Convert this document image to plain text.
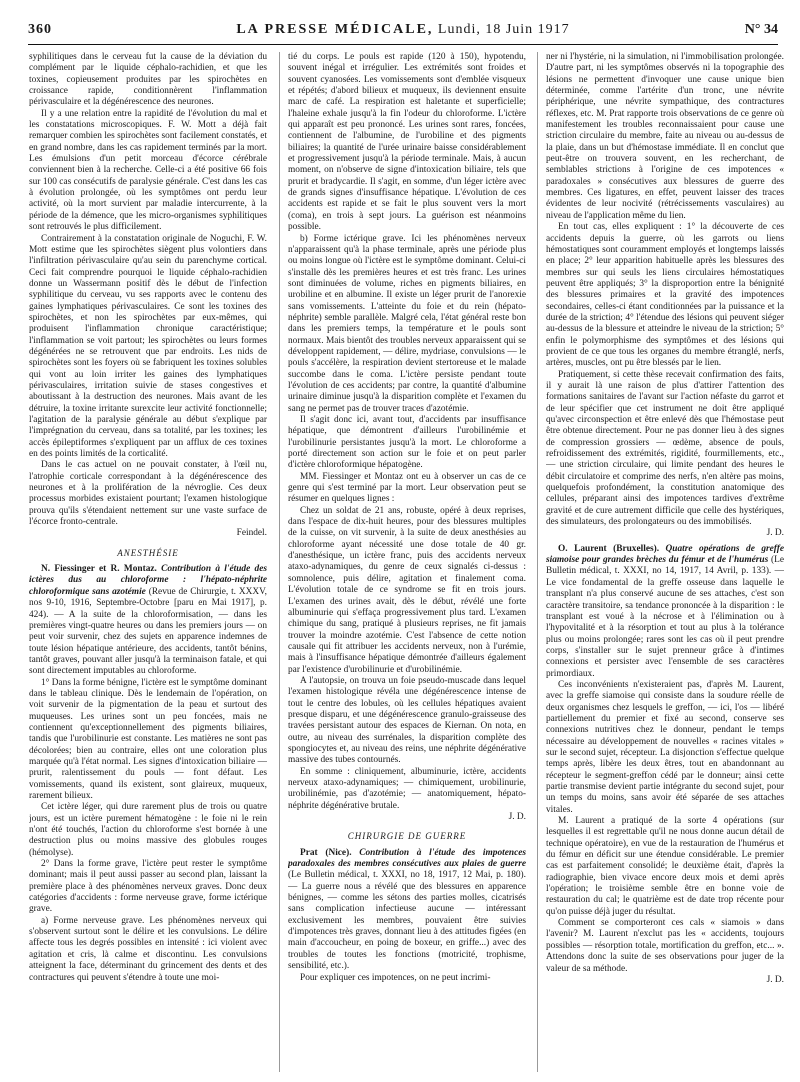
360	LA PRESSE MÉDICALE, Lundi, 18 Juin 1917	N° 34

syphilitiques dans le cerveau fut la cause de la déviation du complément par le liquide céphalo-rachidien, et que les toxines, copieusement produites par les spirochètes en croissance rapide, conditionnèrent l'inflammation périvasculaire et la dégénérescence des neurones.

Il y a une relation entre la rapidité de l'évolution du mal et les constatations microscopiques. F. W. Mott a déjà fait remarquer combien les spirochètes sont facilement constatés, et en grand nombre, dans les cas rapidement terminés par la mort. Les émulsions d'un petit morceau d'écorce cérébrale conviennent bien à la recherche. Celle-ci a été positive 66 fois sur 100 cas consécutifs de paralysie générale. C'est dans les cas à évolution prolongée, où les symptômes ont perdu leur activité, où la mort survient par maladie intercurrente, à la période de la démence, que les micro-organismes syphilitiques sont retrouvés le plus difficilement.

Contrairement à la constatation originale de Noguchi, F. W. Mott estime que les spirochètes siègent plus volontiers dans l'infiltration périvasculaire qu'au sein du parenchyme cortical. Ceci fait comprendre pourquoi le liquide céphalo-rachidien donne un Wassermann positif dès le début de l'infection syphilitique du cerveau, vu ses rapports avec le contenu des gaines lymphatiques périvasculaires. Ce sont les toxines des spirochètes, et non les spirochètes par eux-mêmes, qui produisent l'inflammation chronique caractéristique; l'inflammation se voit partout; les spirochètes ou leurs formes dégénérées ne se retrouvent que par endroits. Les nids de spirochètes sont les foyers où se fabriquent les toxines solubles qui vont au loin irriter les gaines des lymphatiques périvasculaires, irritation suivie de stases congestives et aboutissant à la destruction des neurones. Mais avant de les détruire, la toxine irritante surexcite leur activité fonctionnelle; l'agitation de la paralysie générale au début s'explique par l'imprégnation du cerveau, dans sa totalité, par les toxines; les accès épileptiformes s'expliquent par un afflux de ces toxines en des points limités de la corticalité.

Dans le cas actuel on ne pouvait constater, à l'œil nu, l'atrophie corticale correspondant à la dégénérescence des neurones et à la prolifération de la névroglie. Ces deux processus morbides existaient pourtant; l'examen histologique prouva qu'ils s'étendaient nettement sur une vaste surface de l'écorce fronto-centrale.

Feindel.

ANESTHÉSIE

N. Fiessinger et R. Montaz. Contribution à l'étude des ictères dus au chloroforme : l'hépato-néphrite chloroformique sans azotémie (Revue de Chirurgie, t. XXXV, nos 9-10, 1916, Septembre-Octobre [paru en Mai 1917], p. 424). — A la suite de la chloroformisation, — dans les premières vingt-quatre heures ou dans les premiers jours — on peut voir survenir, chez des sujets en apparence indemnes de toute lésion hépatique antérieure, des accidents, tantôt bénins, tantôt graves, pouvant aller jusqu'à la terminaison fatale, et qui sont directement imputables au chloroforme.

1° Dans la forme bénigne, l'ictère est le symptôme dominant dans le tableau clinique. Dès le lendemain de l'opération, on voit survenir de la pigmentation de la peau et surtout des muqueuses. Les urines sont un peu foncées, mais ne contiennent qu'exceptionnellement des pigments biliaires, tandis que l'urobilinurie est constante. Les matières ne sont pas décolorées; bien au contraire, elles ont une coloration plus marquée qu'à l'état normal. Les signes d'intoxication biliaire — prurit, ralentissement du pouls — font défaut. Les vomissements, quand ils existent, sont glaireux, muqueux, rarement bilieux.

Cet ictère léger, qui dure rarement plus de trois ou quatre jours, est un ictère purement hématogène : le foie ni le rein n'ont été touchés, l'action du chloroforme s'est bornée à une destruction plus ou moins massive des globules rouges (hémolyse).

2° Dans la forme grave, l'ictère peut rester le symptôme dominant; mais il peut aussi passer au second plan, laissant la première place à des phénomènes nerveux graves. Donc deux catégories d'accidents : forme nerveuse grave, forme ictérique grave.

a) Forme nerveuse grave. Les phénomènes nerveux qui s'observent surtout sont le délire et les convulsions. Le délire affecte tous les degrés possibles en intensité : ici violent avec agitation et cris, là calme et discontinu. Les convulsions atteignent la face, déterminant du grincement des dents et des contractures qui peuvent s'étendre à toute une moi-

tié du corps. Le pouls est rapide (120 à 150), hypotendu, souvent inégal et irrégulier. Les extrémités sont froides et souvent cyanosées. Les vomissements sont d'emblée visqueux et répétés; d'abord bilieux et muqueux, ils deviennent ensuite marc de café. La respiration est haletante et superficielle; l'haleine exhale jusqu'à la fin l'odeur du chloroforme. L'ictère qui apparaît est peu prononcé. Les urines sont rares, foncées, contiennent de l'albumine, de l'urobiline et des pigments biliaires; la quantité de l'urée urinaire baisse considérablement et progressivement jusqu'à la période terminale. Mais, à aucun moment, on n'observe de signe d'intoxication biliaire, tels que prurit et bradycardie. Il s'agit, en somme, d'un léger ictère avec de grands signes d'insuffisance hépatique. L'évolution de ces accidents est rapide et se fait le plus souvent vers la mort (coma), en trois à sept jours. La guérison est néanmoins possible.

b) Forme ictérique grave. Ici les phénomènes nerveux n'apparaissent qu'à la phase terminale, après une période plus ou moins longue où l'ictère est le symptôme dominant. Celui-ci s'installe dès les premières heures et est très franc. Les urines sont diminuées de volume, riches en pigments biliaires, en urobiline et en albumine. Il existe un léger prurit de l'anorexie sans vomissements. L'atteinte du foie et du rein (hépato-néphrite) semble parallèle. Malgré cela, l'état général reste bon dans les premiers temps, la température et le pouls sont normaux. Mais bientôt des troubles nerveux apparaissent qui se développent rapidement, — délire, mydriase, convulsions — le pouls s'accélère, la respiration devient stertoreuse et le malade succombe dans le coma. L'ictère persiste pendant toute l'évolution de ces accidents; par contre, la quantité d'albumine urinaire diminue jusqu'à la disparition complète et l'examen du sang ne permet pas de trouver traces d'azotémie.

Il s'agit donc ici, avant tout, d'accidents par insuffisance hépatique, que démontrent d'ailleurs l'urobilinémie et l'urobilinurie persistantes jusqu'à la mort. Le chloroforme a porté directement son action sur le foie et on peut parler d'ictère chloroformique hépatogène.

MM. Fiessinger et Montaz ont eu à observer un cas de ce genre qui s'est terminé par la mort. Leur observation peut se résumer en quelques lignes :

Chez un soldat de 21 ans, robuste, opéré à deux reprises, dans l'espace de dix-huit heures, pour des blessures multiples de la cuisse, on vit survenir, à la suite de deux anesthésies au chloroforme ayant nécessité une dose totale de 40 gr. d'anesthésique, un ictère franc, puis des accidents nerveux ataxo-adynamiques, du genre de ceux signalés ci-dessus : somnolence, puis délire, agitation et finalement coma. L'évolution totale de ce syndrome se fit en trois jours. L'examen des urines avait, dès le début, révélé une forte albuminurie qui s'effaça progressivement plus tard. L'examen chimique du sang, pratiqué à plusieurs reprises, ne fit jamais trouver la moindre azotémie. C'est l'absence de cette notion causale qui fit attribuer les accidents nerveux, non à l'urémie, mais à l'insuffisance hépatique démontrée d'ailleurs également par l'existence d'urobilinurie et d'urobilinémie.

A l'autopsie, on trouva un foie pseudo-muscade dans lequel l'examen histologique révéla une dégénérescence intense de tout le centre des lobules, où les cellules hépatiques avaient presque disparu, et une dégénérescence granulo-graisseuse des travées persistant autour des espaces de Kiernan. On nota, en outre, au niveau des surrénales, la disparition complète des spongiocytes et, au niveau des reins, une néphrite dégénérative massive des tubes contournés.

En somme : cliniquement, albuminurie, ictère, accidents nerveux ataxo-adynamiques; — chimiquement, urobilinurie, urobilinémie, pas d'azotémie; — anatomiquement, hépato-néphrite dégénérative brutale.

J. D.

CHIRURGIE DE GUERRE

Prat (Nice). Contribution à l'étude des impotences paradoxales des membres consécutives aux plaies de guerre (Le Bulletin médical, t. XXXI, no 18, 1917, 12 Mai, p. 180). — La guerre nous a révélé que des blessures en apparence bénignes, — comme les sétons des parties molles, cicatrisés sans complication infectieuse aucune — intéressant exclusivement les membres, pouvaient être suivies d'impotences très graves, donnant lieu à des attitudes figées (en main d'accoucheur, en poing de boxeur, en griffe...) avec des troubles de toutes les fonctions (motricité, trophisme, sensibilité, etc.).

Pour expliquer ces impotences, on ne peut incrimi-

ner ni l'hystérie, ni la simulation, ni l'immobilisation prolongée. D'autre part, ni les symptômes observés ni la topographie des lésions ne permettent d'invoquer une cause unique bien déterminée, comme l'artérite d'un tronc, une névrite périphérique, une névrite sympathique, des contractures réflexes, etc. M. Prat rapporte trois observations de ce genre où manifestement les troubles reconnaissaient pour cause une striction circulaire du membre, faite au niveau ou au-dessus de la plaie, dans un but d'hémostase immédiate. Il en conclut que peut-être on trouvera souvent, en les recherchant, de semblables strictions à l'origine de ces impotences « paradoxales » consécutives aux blessures de guerre des membres. Ces ligatures, en effet, peuvent laisser des traces évidentes de leur nocivité (rétrécissements vasculaires) au niveau de l'application même du lien.

En tout cas, elles expliquent : 1° la découverte de ces accidents depuis la guerre, où les garrots ou liens hémostatiques sont couramment employés et longtemps laissés en place; 2° leur apparition habituelle après les blessures des membres sur qui seuls les liens circulaires hémostatiques peuvent être appliqués; 3° la disproportion entre la bénignité des blessures primaires et la gravité des impotences secondaires, celles-ci étant conditionnées par la puissance et la durée de la striction; 4° l'étendue des lésions qui peuvent siéger au-dessus de la blessure et atteindre le niveau de la striction; 5° enfin le polymorphisme des symptômes et des lésions qui provient de ce que tous les organes du membre étranglé, nerfs, artères, muscles, ont pu être blessés par le lien.

Pratiquement, si cette thèse recevait confirmation des faits, il y aurait là une raison de plus d'attirer l'attention des formations sanitaires de l'avant sur l'action néfaste du garrot et de leur spécifier que cet instrument ne doit être appliqué qu'avec circonspection et être enlevé dès que l'hémostase peut être obtenue directement. Pour ne pas donner lieu à des signes de compression grossiers — œdème, absence de pouls, refroidissement des extrémités, rigidité, fourmillements, etc., — une striction circulaire, qui limite pendant des heures le débit circulatoire et comprime des nerfs, n'en altère pas moins, quelquefois profondément, la constitution anatomique des cellules, préparant ainsi des impotences tardives d'extrême gravité et de cure autrement difficile que celle des hystériques, des simulateurs, des prolongateurs ou des immobilisés.

J. D.

O. Laurent (Bruxelles). Quatre opérations de greffe siamoise pour grandes brèches du fémur et de l'humérus (Le Bulletin médical, t. XXXI, no 14, 1917, 14 Avril, p. 133). — Le vice fondamental de la greffe osseuse dans laquelle le transplant n'a plus conservé aucune de ses attaches, c'est son caractère transitoire, sa tendance prononcée à la disparition : le transplant est voué à la nécrose et à l'élimination ou à l'hypovitalité et à la résorption et tout au plus à la tolérance plus ou moins prolongée; rares sont les cas où il peut prendre corps, s'installer sur le sujet prenneur grâce à d'intimes connexions et persister avec l'ensemble de ses caractères primordiaux.

Ces inconvénients n'existeraient pas, d'après M. Laurent, avec la greffe siamoise qui consiste dans la soudure réelle de deux organismes chez lesquels le greffon, — ici, l'os — libéré partiellement du premier et fixé au second, conserve ses connexions nutritives chez le donneur, pendant le temps nécessaire au développement de nouvelles « racines vitales » sur le second sujet, récepteur. La disjonction s'effectue quelque temps après, libère les deux êtres, tout en abandonnant au récepteur le segment-greffon cédé par le donneur; ainsi cette partie transmise devient partie intégrante du second sujet, pour un temps du moins, sans avoir été séparée de ses attaches vitales.

M. Laurent a pratiqué de la sorte 4 opérations (sur lesquelles il est regrettable qu'il ne nous donne aucun détail de technique opératoire), en vue de la restauration de l'humérus et du fémur en déficit sur une étendue considérable. Le premier cas est parfaitement consolidé; le deuxième était, d'après la radiographie, bien vivace encore deux mois et demi après l'opération; le troisième semble être en bonne voie de restauration du cal; le quatrième est de date trop récente pour qu'on puisse déjà juger du résultat.

Comment se comporteront ces cals « siamois » dans l'avenir? M. Laurent n'exclut pas les « accidents, toujours possibles — résorption totale, mortification du greffon, etc... ». Attendons donc la suite de ses observations pour juger de la valeur de sa méthode.

J. D.
